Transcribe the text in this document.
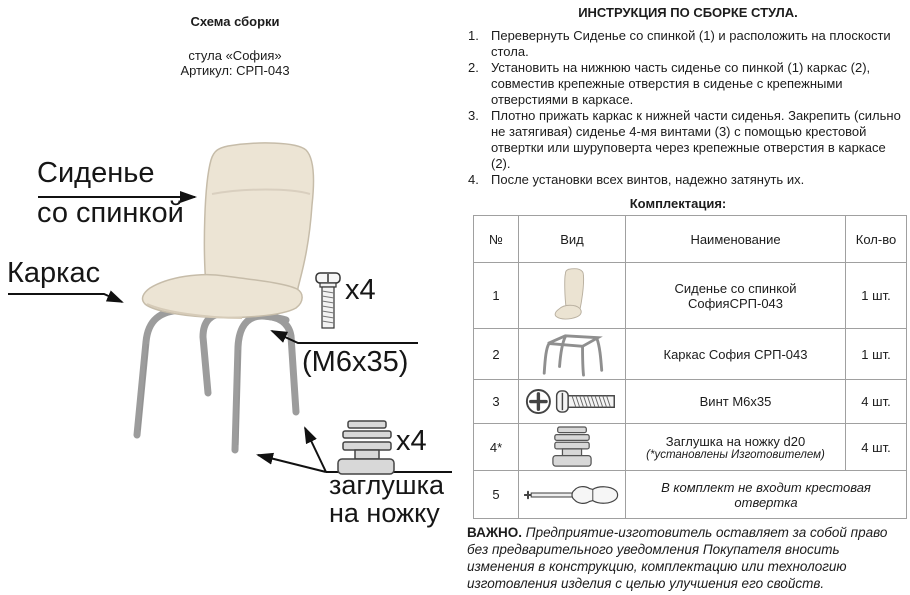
Схема сборки
стула «София»
Артикул: СРП-043
Сиденье
со спинкой
Каркас
х4
(М6х35)
х4
заглушка
на ножку
ИНСТРУКЦИЯ ПО СБОРКЕ СТУЛА.
1. Перевернуть Сиденье со спинкой (1) и расположить на плоскости стола.
2. Установить на нижнюю часть сиденье со пинкой (1) каркас (2), совместив крепежные отверстия в сиденье с крепежными отверстиями в каркасе.
3. Плотно прижать каркас к нижней части сиденья. Закрепить (сильно не затягивая) сиденье 4-мя винтами (3) с помощью крестовой отвертки или шуруповерта через крепежные отверстия в каркасе (2).
4. После установки всех винтов, надежно затянуть их.
Комплектация:
№	Вид	Наименование	Кол-во
1		Сиденье со спинкой
СофияСРП-043	1 шт.
2		Каркас София СРП-043	1 шт.
3		Винт М6х35	4 шт.
4*		Заглушка на ножку d20
(*установлены Изготовителем)	4 шт.
5		В комплект не входит крестовая отвертка	
ВАЖНО. Предприятие-изготовитель оставляет за собой право без предварительного уведомления Покупателя вносить изменения в конструкцию, комплектацию или технологию изготовления изделия с целью улучшения его свойств.
